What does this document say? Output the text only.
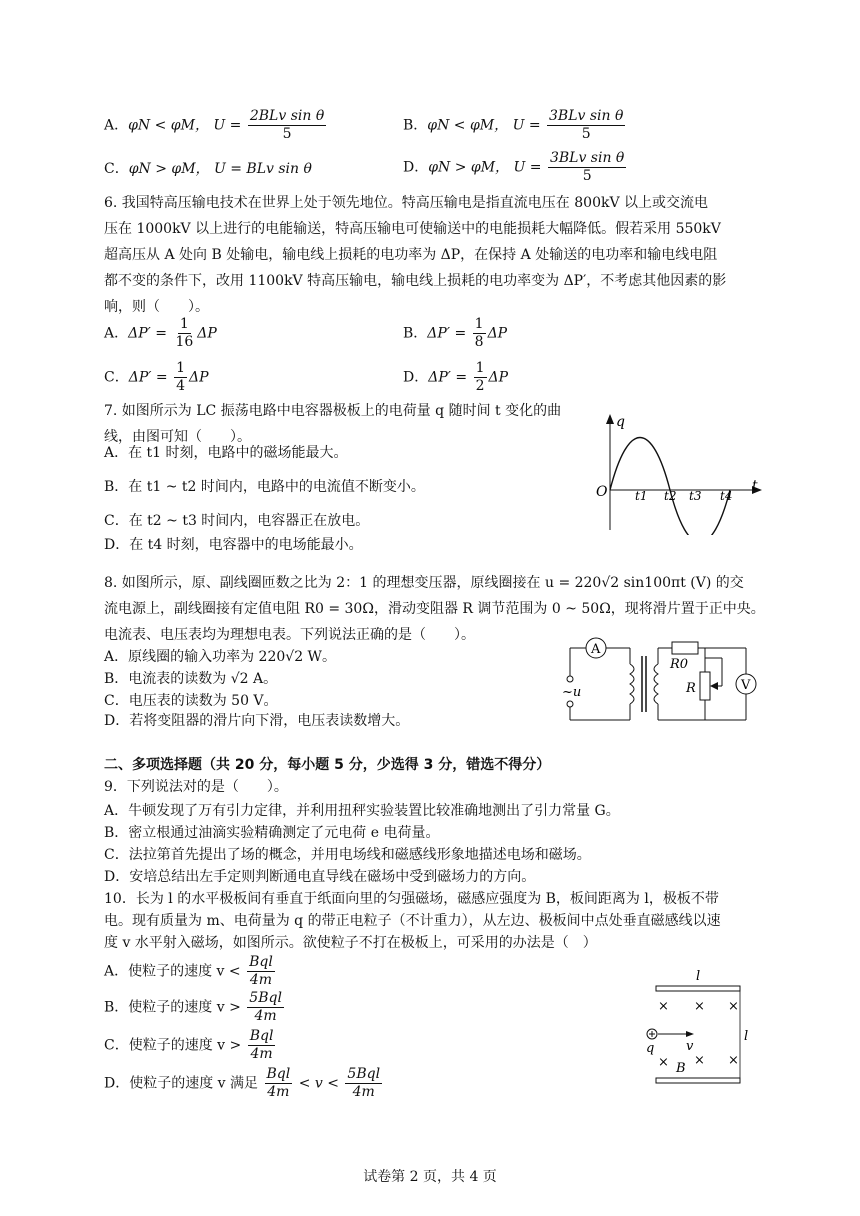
A．φN < φM， $U = \frac{\text{2BLv sin θ}}{5}$	B．φN < φM， $U = \frac{\text{3BLv sin θ}}{5}$
C．φN > φM， U = BLv sin θ	D．φN > φM， $U = \frac{\text{3BLv sin θ}}{5}$
6. 我国特高压输电技术在世界上处于领先地位。特高压输电是指直流电压在 800kV 以上或交流电
压在 1000kV 以上进行的电能输送，特高压输电可使输送中的电能损耗大幅降低。假若采用 550kV
超高压从 A 处向 B 处输电，输电线上损耗的电功率为 ΔP，在保持 A 处输送的电功率和输电线电阻
都不变的条件下，改用 1100kV 特高压输电，输电线上损耗的电功率变为 ΔP′，不考虑其他因素的影
响，则（　　）。
A．$\Delta P' = \frac{1}{16}$ ΔP	B．$\Delta P' = \frac{1}{8}$ ΔP
C．$\Delta P' = \frac{1}{4}$ ΔP	D．$\Delta P' = \frac{1}{2}$ ΔP
7. 如图所示为 LC 振荡电路中电容器极板上的电荷量 q 随时间 t 变化的曲
线，由图可知（　　）。
A．在 t1 时刻，电路中的磁场能最大。
B．在 t1 ~ t2 时间内，电路中的电流值不断变小。
C．在 t2 ~ t3 时间内，电容器正在放电。
D．在 t4 时刻，电容器中的电场能最小。
q
t
O t1 t2 t3 t4
8. 如图所示，原、副线圈匝数之比为 2：1 的理想变压器，原线圈接在 u = 220√2 sin100πt (V) 的交
流电源上，副线圈接有定值电阻 R0 = 30Ω，滑动变阻器 R 调节范围为 0 ~ 50Ω，现将滑片置于正中央。
电流表、电压表均为理想电表。下列说法正确的是（　　）。
A．原线圈的输入功率为 220√2 W。
B．电流表的读数为 √2 A。
C．电压表的读数为 50 V。
D．若将变阻器的滑片向下滑，电压表读数增大。
A
~u
R0
R	V
二、多项选择题（共 20 分，每小题 5 分，少选得 3 分，错选不得分）
9．下列说法对的是（　　）。
A．牛顿发现了万有引力定律，并利用扭秤实验装置比较准确地测出了引力常量 G。
B．密立根通过油滴实验精确测定了元电荷 e 电荷量。
C．法拉第首先提出了场的概念，并用电场线和磁感线形象地描述电场和磁场。
D．安培总结出左手定则判断通电直导线在磁场中受到磁场力的方向。
10．长为 l 的水平极板间有垂直于纸面向里的匀强磁场，磁感应强度为 B，板间距离为 l，极板不带
电。现有质量为 m、电荷量为 q 的带正电粒子（不计重力），从左边、极板间中点处垂直磁感线以速
度 v 水平射入磁场，如图所示。欲使粒子不打在极板上，可采用的办法是（　）
A．使粒子的速度 $v < \frac{\text{Bql}}{4m}$
B．使粒子的速度 $v > \frac{\text{5Bql}}{4m}$
C．使粒子的速度 $v > \frac{\text{Bql}}{4m}$
D．使粒子的速度 v 满足 $\frac{\text{Bql}}{4m} < v < \frac{\text{5Bql}}{4m}$
l
× × ×
× × ×
q v
B
l
试卷第 2 页，共 4 页
